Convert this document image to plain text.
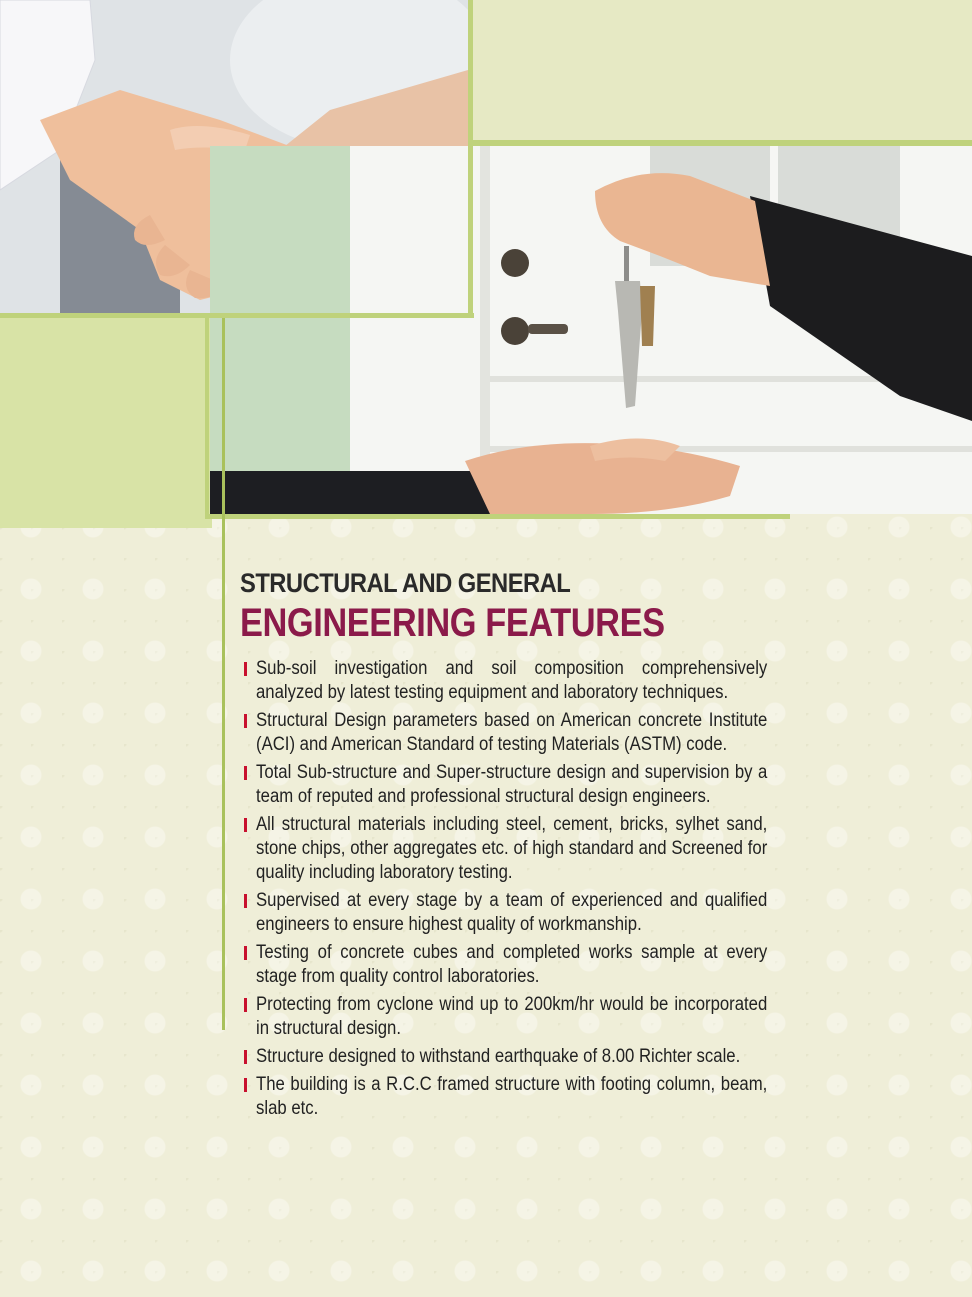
STRUCTURAL AND GENERAL
ENGINEERING FEATURES
Sub-soil investigation and soil composition comprehensively analyzed by latest testing equipment and laboratory techniques.
Structural Design parameters based on American concrete Institute (ACI) and American Standard of testing Materials (ASTM) code.
Total Sub-structure and Super-structure design and supervision by a team of reputed and professional structural design engineers.
All structural materials including steel, cement, bricks, sylhet sand, stone chips, other aggregates etc. of high standard and Screened for quality including laboratory testing.
Supervised at every stage by a team of experienced and qualified engineers to ensure highest quality of workmanship.
Testing of concrete cubes and completed works sample at every stage from quality control laboratories.
Protecting from cyclone wind up to 200km/hr would be incorporated in structural design.
Structure designed to withstand earthquake of 8.00 Richter scale.
The building is a R.C.C framed structure with footing column, beam, slab etc.
